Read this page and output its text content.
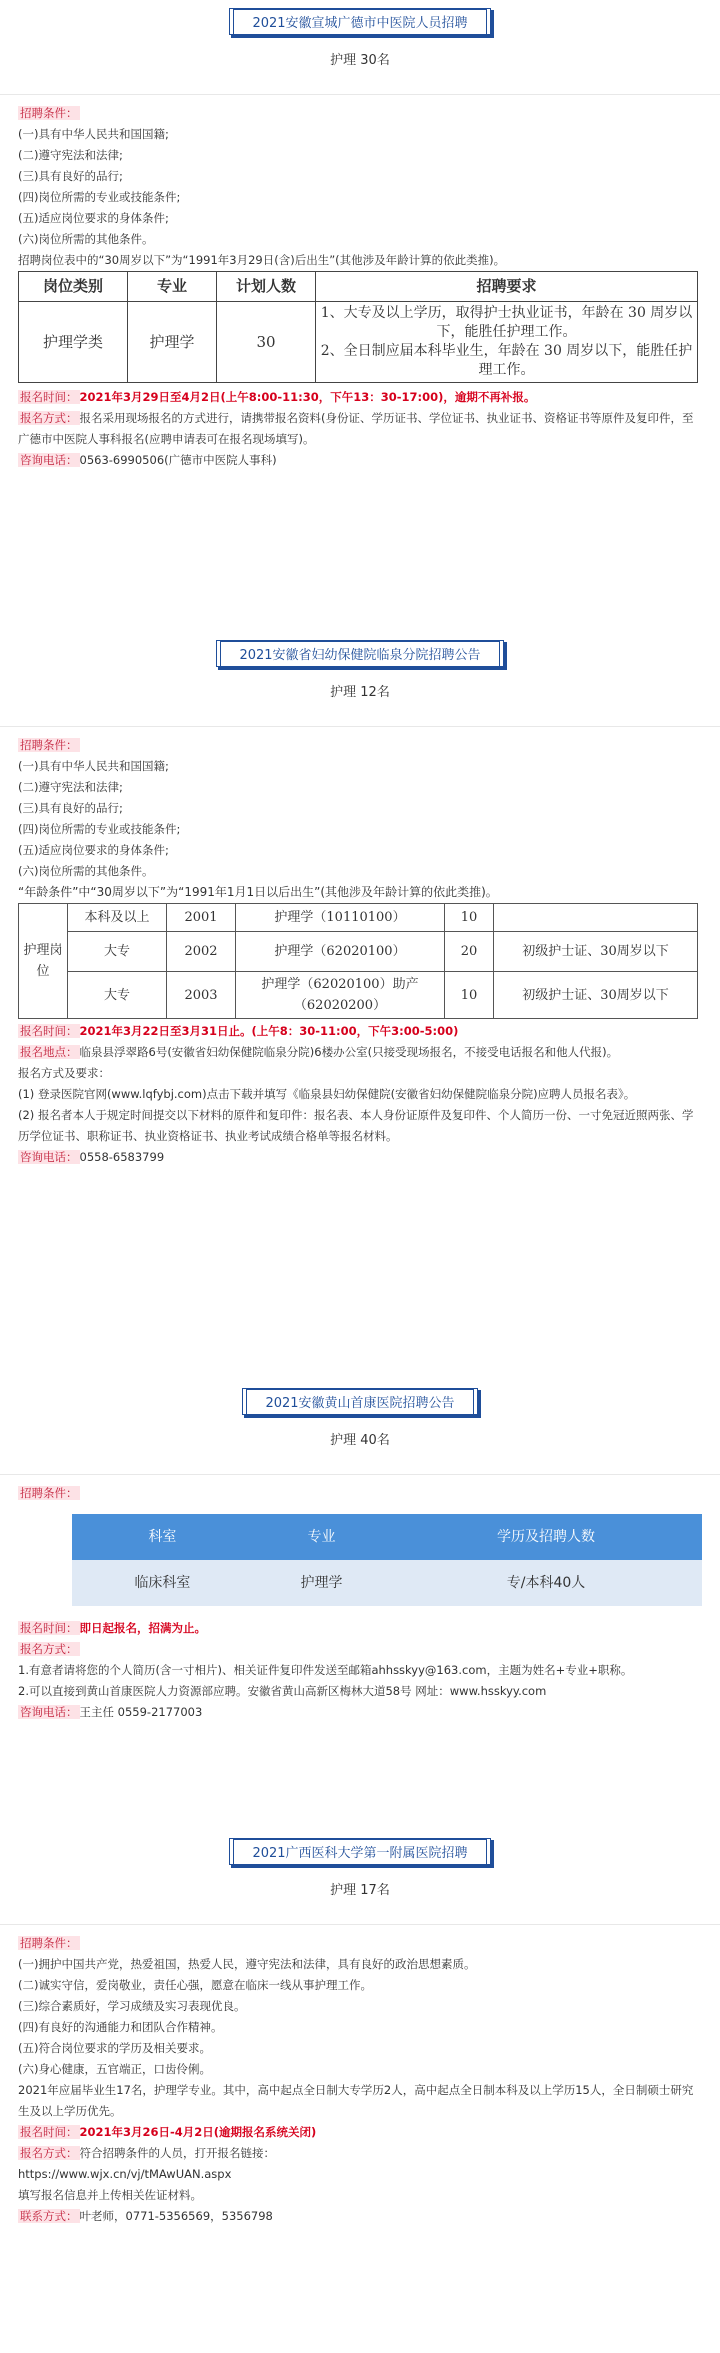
2021安徽宣城广德市中医院人员招聘
护理 30名
招聘条件：
(一)具有中华人民共和国国籍;
(二)遵守宪法和法律;
(三)具有良好的品行;
(四)岗位所需的专业或技能条件;
(五)适应岗位要求的身体条件;
(六)岗位所需的其他条件。
招聘岗位表中的“30周岁以下”为“1991年3月29日(含)后出生”(其他涉及年龄计算的依此类推)。
岗位类别	专业	计划人数	招聘要求
护理学类	护理学	30	1、大专及以上学历，取得护士执业证书，年龄在 30 周岁以下，能胜任护理工作。
2、全日制应届本科毕业生，年龄在 30 周岁以下，能胜任护理工作。
报名时间： 2021年3月29日至4月2日(上午8:00-11:30，下午13：30-17:00)，逾期不再补报。
报名方式： 报名采用现场报名的方式进行，请携带报名资料(身份证、学历证书、学位证书、执业证书、资格证书等原件及复印件，至广德市中医院人事科报名(应聘申请表可在报名现场填写)。
咨询电话： 0563-6990506(广德市中医院人事科)
2021安徽省妇幼保健院临泉分院招聘公告
护理 12名
招聘条件：
(一)具有中华人民共和国国籍;
(二)遵守宪法和法律;
(三)具有良好的品行;
(四)岗位所需的专业或技能条件;
(五)适应岗位要求的身体条件;
(六)岗位所需的其他条件。
“年龄条件”中“30周岁以下”为“1991年1月1日以后出生”(其他涉及年龄计算的依此类推)。
护理岗位	本科及以上	2001	护理学（10110100）	10	
	大专	2002	护理学（62020100）	20	初级护士证、30周岁以下
	大专	2003	护理学（62020100）助产（62020200）	10	初级护士证、30周岁以下
报名时间： 2021年3月22日至3月31日止。(上午8：30-11:00，下午3:00-5:00)
报名地点： 临泉县浮翠路6号(安徽省妇幼保健院临泉分院)6楼办公室(只接受现场报名，不接受电话报名和他人代报)。
报名方式及要求：
(1) 登录医院官网(www.lqfybj.com)点击下载并填写《临泉县妇幼保健院(安徽省妇幼保健院临泉分院)应聘人员报名表》。
(2) 报名者本人于规定时间提交以下材料的原件和复印件：报名表、本人身份证原件及复印件、个人简历一份、一寸免冠近照两张、学历学位证书、职称证书、执业资格证书、执业考试成绩合格单等报名材料。
咨询电话： 0558-6583799
2021安徽黄山首康医院招聘公告
护理 40名
招聘条件：
科室	专业	学历及招聘人数
临床科室	护理学	专/本科40人
报名时间： 即日起报名，招满为止。
报名方式：
1.有意者请将您的个人简历(含一寸相片)、相关证件复印件发送至邮箱ahhsskyy@163.com，主题为姓名+专业+职称。
2.可以直接到黄山首康医院人力资源部应聘。安徽省黄山高新区梅林大道58号 网址：www.hsskyy.com
咨询电话： 王主任 0559-2177003
2021广西医科大学第一附属医院招聘
护理 17名
招聘条件：
(一)拥护中国共产党，热爱祖国，热爱人民，遵守宪法和法律，具有良好的政治思想素质。
(二)诚实守信，爱岗敬业，责任心强，愿意在临床一线从事护理工作。
(三)综合素质好，学习成绩及实习表现优良。
(四)有良好的沟通能力和团队合作精神。
(五)符合岗位要求的学历及相关要求。
(六)身心健康，五官端正，口齿伶俐。
2021年应届毕业生17名，护理学专业。其中，高中起点全日制大专学历2人，高中起点全日制本科及以上学历15人，全日制硕士研究生及以上学历优先。
报名时间： 2021年3月26日-4月2日(逾期报名系统关闭)
报名方式： 符合招聘条件的人员，打开报名链接：
https://www.wjx.cn/vj/tMAwUAN.aspx
填写报名信息并上传相关佐证材料。
联系方式： 叶老师，0771-5356569，5356798
